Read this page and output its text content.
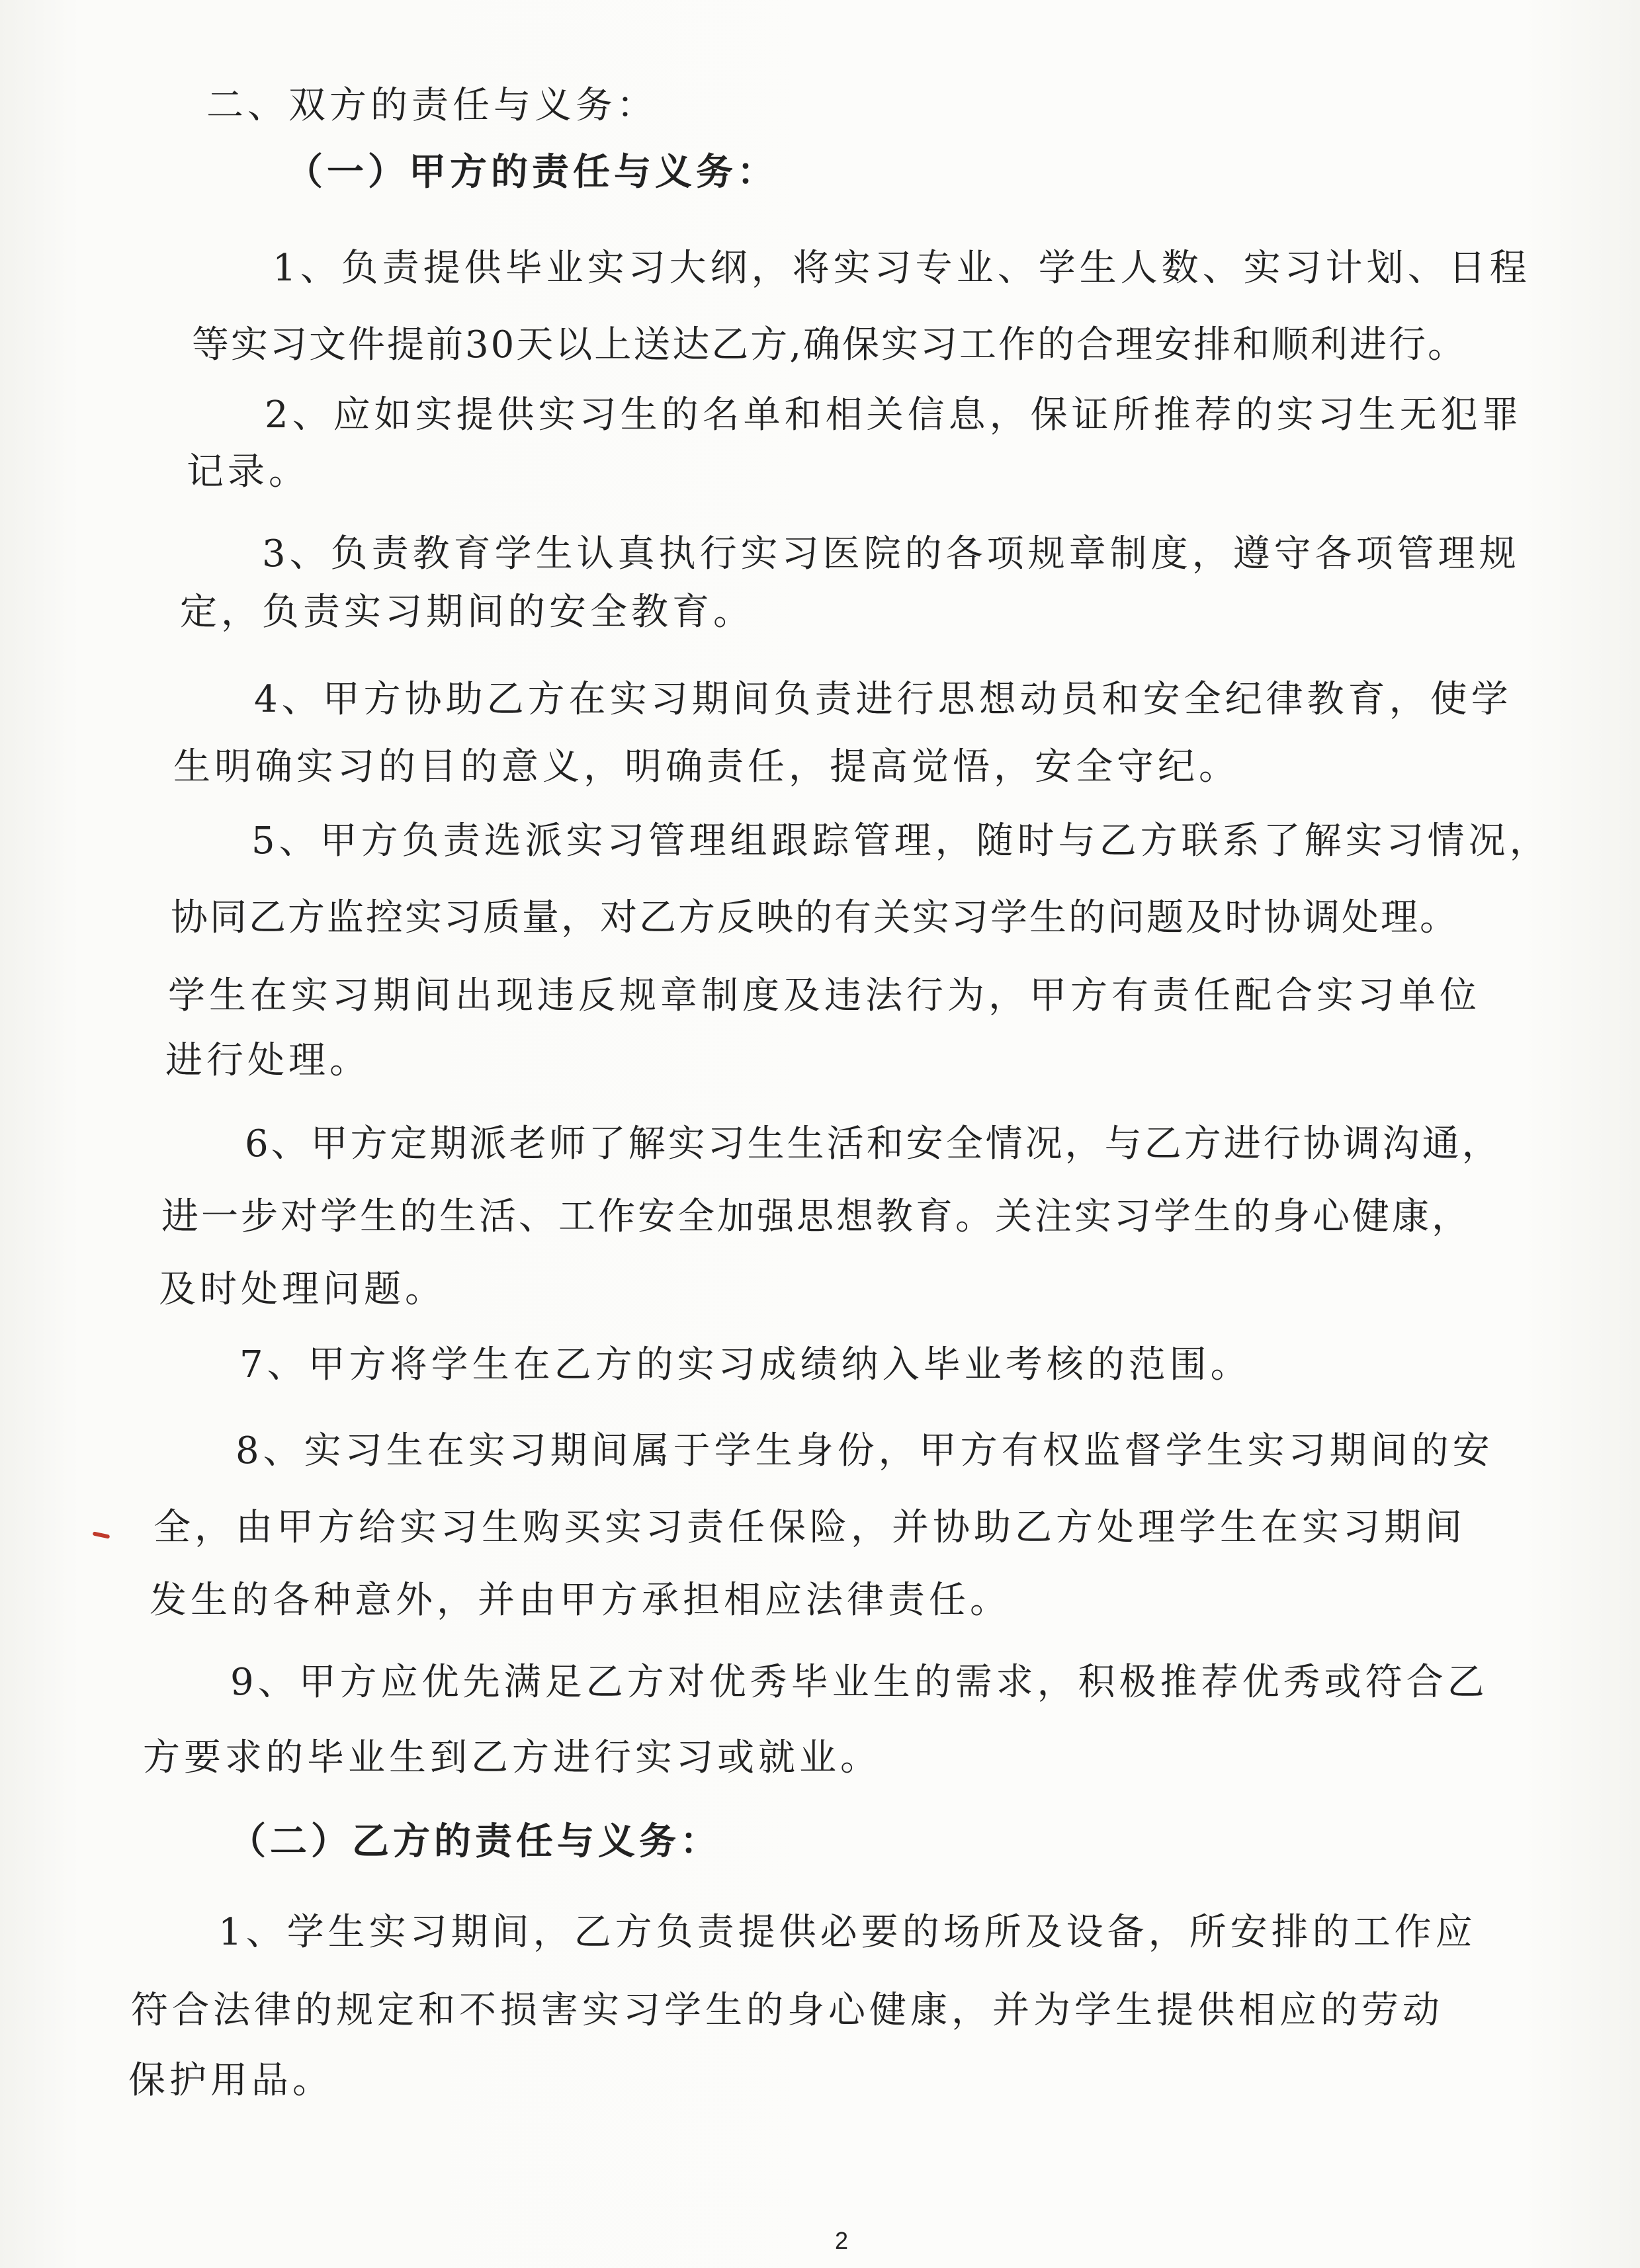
二、双方的责任与义务：
（一）甲方的责任与义务：
1、负责提供毕业实习大纲，将实习专业、学生人数、实习计划、日程
等实习文件提前30天以上送达乙方,确保实习工作的合理安排和顺利进行。
2、应如实提供实习生的名单和相关信息，保证所推荐的实习生无犯罪
记录。
3、负责教育学生认真执行实习医院的各项规章制度，遵守各项管理规
定，负责实习期间的安全教育。
4、甲方协助乙方在实习期间负责进行思想动员和安全纪律教育，使学
生明确实习的目的意义，明确责任，提高觉悟，安全守纪。
5、甲方负责选派实习管理组跟踪管理，随时与乙方联系了解实习情况，
协同乙方监控实习质量，对乙方反映的有关实习学生的问题及时协调处理。
学生在实习期间出现违反规章制度及违法行为，甲方有责任配合实习单位
进行处理。
6、甲方定期派老师了解实习生生活和安全情况，与乙方进行协调沟通，
进一步对学生的生活、工作安全加强思想教育。关注实习学生的身心健康，
及时处理问题。
7、甲方将学生在乙方的实习成绩纳入毕业考核的范围。
8、实习生在实习期间属于学生身份，甲方有权监督学生实习期间的安
全，由甲方给实习生购买实习责任保险，并协助乙方处理学生在实习期间
发生的各种意外，并由甲方承担相应法律责任。
9、甲方应优先满足乙方对优秀毕业生的需求，积极推荐优秀或符合乙
方要求的毕业生到乙方进行实习或就业。
（二）乙方的责任与义务：
1、学生实习期间，乙方负责提供必要的场所及设备，所安排的工作应
符合法律的规定和不损害实习学生的身心健康，并为学生提供相应的劳动
保护用品。
2
